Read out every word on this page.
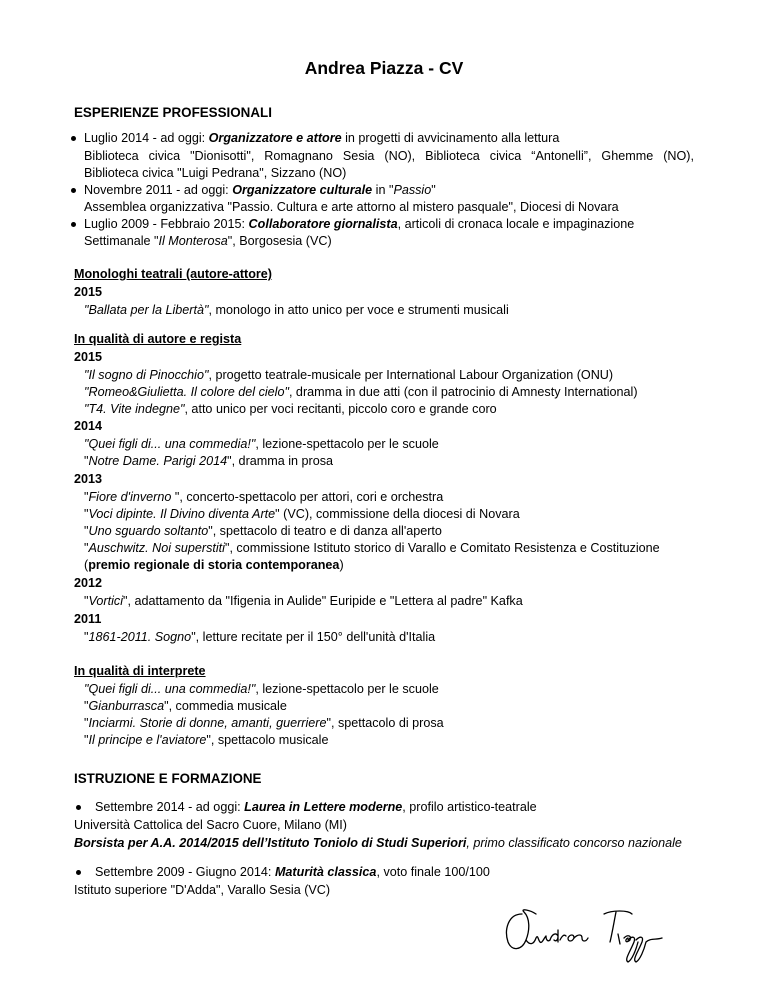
Andrea Piazza - CV
ESPERIENZE PROFESSIONALI
Luglio 2014 - ad oggi: Organizzatore e attore in progetti di avvicinamento alla lettura
Biblioteca civica "Dionisotti", Romagnano Sesia (NO), Biblioteca civica “Antonelli”, Ghemme (NO),
Biblioteca civica "Luigi Pedrana", Sizzano (NO)
Novembre 2011 - ad oggi: Organizzatore culturale in "Passio"
Assemblea organizzativa "Passio. Cultura e arte attorno al mistero pasquale", Diocesi di Novara
Luglio 2009 - Febbraio 2015: Collaboratore giornalista, articoli di cronaca locale e impaginazione
Settimanale "Il Monterosa", Borgosesia (VC)
Monologhi teatrali (autore-attore)
2015
"Ballata per la Libertà", monologo in atto unico per voce e strumenti musicali
In qualità di autore e regista
2015
"Il sogno di Pinocchio", progetto teatrale-musicale per International Labour Organization (ONU)
"Romeo&Giulietta. Il colore del cielo", dramma in due atti (con il patrocinio di Amnesty International)
"T4. Vite indegne", atto unico per voci recitanti, piccolo coro e grande coro
2014
"Quei figli di... una commedia!", lezione-spettacolo per le scuole
"Notre Dame. Parigi 2014", dramma in prosa
2013
"Fiore d'inverno ", concerto-spettacolo per attori, cori e orchestra
"Voci dipinte. Il Divino diventa Arte" (VC), commissione della diocesi di Novara
"Uno sguardo soltanto", spettacolo di teatro e di danza all'aperto
"Auschwitz. Noi superstiti", commissione Istituto storico di Varallo e Comitato Resistenza e Costituzione
(premio regionale di storia contemporanea)
2012
"Vortici", adattamento da "Ifigenia in Aulide" Euripide e "Lettera al padre" Kafka
2011
"1861-2011. Sogno", letture recitate per il 150° dell'unità d'Italia
In qualità di interprete
"Quei figli di... una commedia!", lezione-spettacolo per le scuole
"Gianburrasca", commedia musicale
"Inciarmi. Storie di donne, amanti, guerriere", spettacolo di prosa
"Il principe e l'aviatore", spettacolo musicale
ISTRUZIONE E FORMAZIONE
Settembre 2014 - ad oggi: Laurea in Lettere moderne, profilo artistico-teatrale
Università Cattolica del Sacro Cuore, Milano (MI)
Borsista per A.A. 2014/2015 dell’Istituto Toniolo di Studi Superiori, primo classificato concorso nazionale
Settembre 2009 - Giugno 2014: Maturità classica, voto finale 100/100
Istituto superiore "D'Adda", Varallo Sesia (VC)
